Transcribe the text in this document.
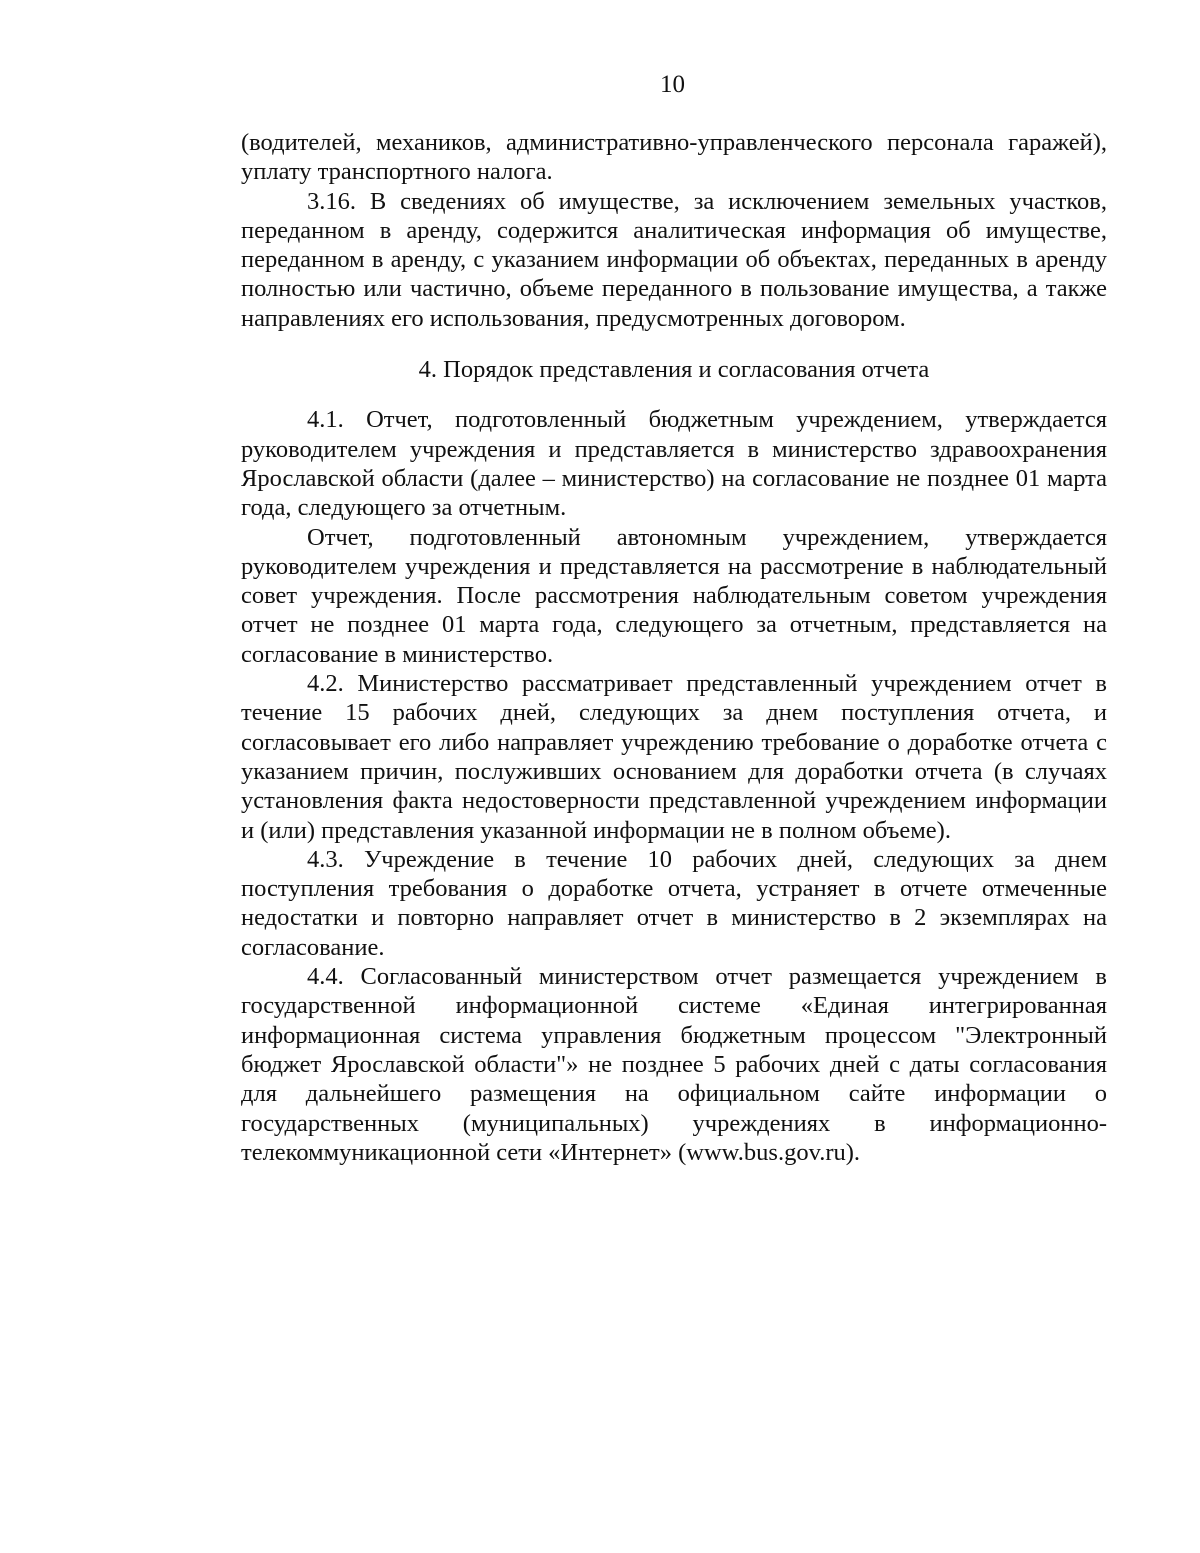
10

(водителей, механиков, административно-управленческого персонала гаражей), уплату транспортного налога.

3.16. В сведениях об имуществе, за исключением земельных участков, переданном в аренду, содержится аналитическая информация об имуществе, переданном в аренду, с указанием информации об объектах, переданных в аренду полностью или частично, объеме переданного в пользование имущества, а также направлениях его использования, предусмотренных договором.

4. Порядок представления и согласования отчета

4.1. Отчет, подготовленный бюджетным учреждением, утверждается руководителем учреждения и представляется в министерство здравоохранения Ярославской области (далее – министерство) на согласование не позднее 01 марта года, следующего за отчетным.

Отчет, подготовленный автономным учреждением, утверждается руководителем учреждения и представляется на рассмотрение в наблюдательный совет учреждения. После рассмотрения наблюдательным советом учреждения отчет не позднее 01 марта года, следующего за отчетным, представляется на согласование в министерство.

4.2. Министерство рассматривает представленный учреждением отчет в течение 15 рабочих дней, следующих за днем поступления отчета, и согласовывает его либо направляет учреждению требование о доработке отчета с указанием причин, послуживших основанием для доработки отчета (в случаях установления факта недостоверности представленной учреждением информации и (или) представления указанной информации не в полном объеме).

4.3. Учреждение в течение 10 рабочих дней, следующих за днем поступления требования о доработке отчета, устраняет в отчете отмеченные недостатки и повторно направляет отчет в министерство в 2 экземплярах на согласование.

4.4. Согласованный министерством отчет размещается учреждением в государственной информационной системе «Единая интегрированная информационная система управления бюджетным процессом "Электронный бюджет Ярославской области"» не позднее 5 рабочих дней с даты согласования для дальнейшего размещения на официальном сайте информации о государственных (муниципальных) учреждениях в информационно-телекоммуникационной сети «Интернет» (www.bus.gov.ru).
